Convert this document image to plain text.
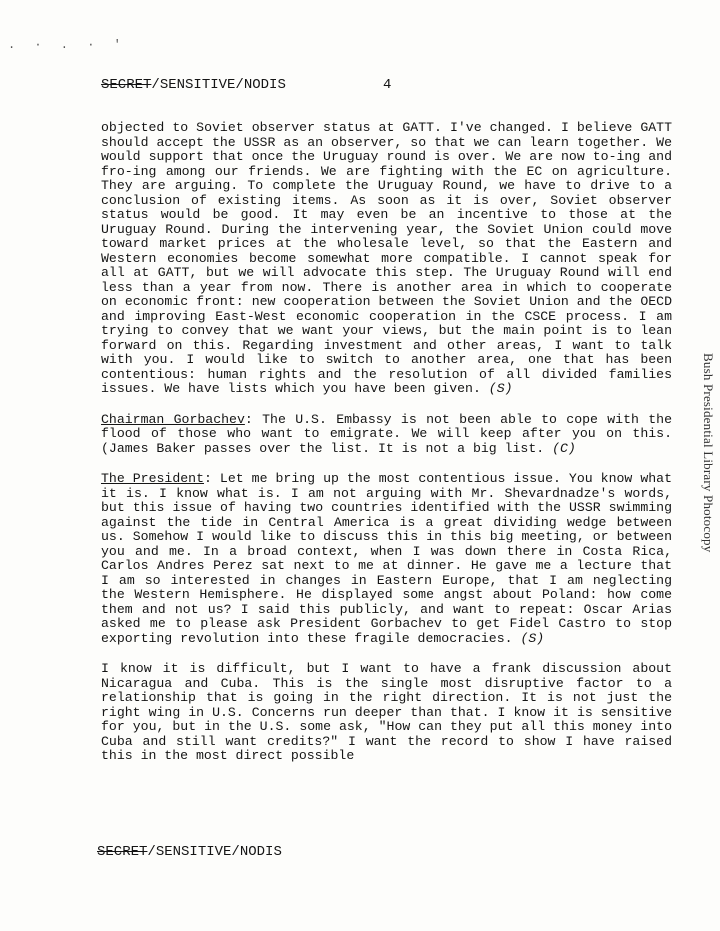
. · . · '
SECRET/SENSITIVE/NODIS	4

objected to Soviet observer status at GATT. I've changed. I believe GATT should accept the USSR as an observer, so that we can learn together. We would support that once the Uruguay round is over. We are now to-ing and fro-ing among our friends. We are fighting with the EC on agriculture. They are arguing. To complete the Uruguay Round, we have to drive to a conclusion of existing items. As soon as it is over, Soviet observer status would be good. It may even be an incentive to those at the Uruguay Round. During the intervening year, the Soviet Union could move toward market prices at the wholesale level, so that the Eastern and Western economies become somewhat more compatible. I cannot speak for all at GATT, but we will advocate this step. The Uruguay Round will end less than a year from now. There is another area in which to cooperate on economic front: new cooperation between the Soviet Union and the OECD and improving East-West economic cooperation in the CSCE process. I am trying to convey that we want your views, but the main point is to lean forward on this. Regarding investment and other areas, I want to talk with you. I would like to switch to another area, one that has been contentious: human rights and the resolution of all divided families issues. We have lists which you have been given. (S)

Chairman Gorbachev: The U.S. Embassy is not been able to cope with the flood of those who want to emigrate. We will keep after you on this. (James Baker passes over the list. It is not a big list. (C)

The President: Let me bring up the most contentious issue. You know what it is. I know what is. I am not arguing with Mr. Shevardnadze's words, but this issue of having two countries identified with the USSR swimming against the tide in Central America is a great dividing wedge between us. Somehow I would like to discuss this in this big meeting, or between you and me. In a broad context, when I was down there in Costa Rica, Carlos Andres Perez sat next to me at dinner. He gave me a lecture that I am so interested in changes in Eastern Europe, that I am neglecting the Western Hemisphere. He displayed some angst about Poland: how come them and not us? I said this publicly, and want to repeat: Oscar Arias asked me to please ask President Gorbachev to get Fidel Castro to stop exporting revolution into these fragile democracies. (S)

I know it is difficult, but I want to have a frank discussion about Nicaragua and Cuba. This is the single most disruptive factor to a relationship that is going in the right direction. It is not just the right wing in U.S. Concerns run deeper than that. I know it is sensitive for you, but in the U.S. some ask, "How can they put all this money into Cuba and still want credits?" I want the record to show I have raised this in the most direct possible

SECRET/SENSITIVE/NODIS
Bush Presidential Library Photocopy
